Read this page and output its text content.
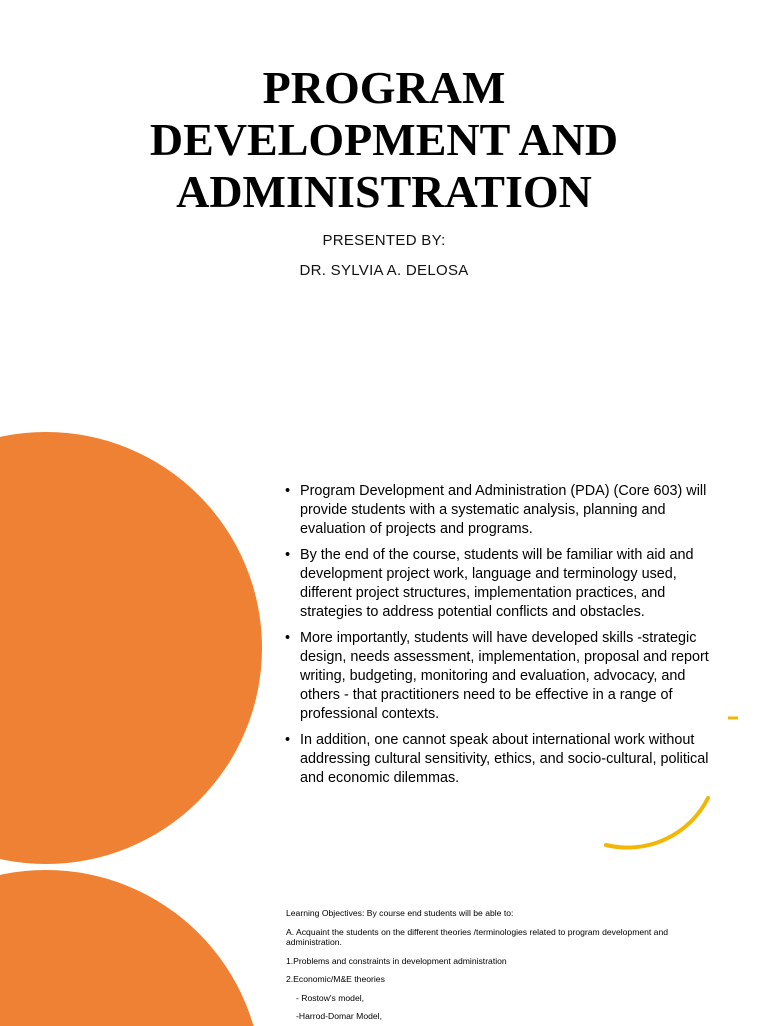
PROGRAM
DEVELOPMENT AND
ADMINISTRATION
PRESENTED BY:
DR. SYLVIA A. DELOSA
• Program Development and Administration (PDA) (Core 603) will provide students with a systematic analysis, planning and evaluation of projects and programs.
• By the end of the course, students will be familiar with aid and development project work, language and terminology used, different project structures, implementation practices, and strategies to address potential conflicts and obstacles.
• More importantly, students will have developed skills -strategic design, needs assessment, implementation, proposal and report writing, budgeting, monitoring and evaluation, advocacy, and others - that practitioners need to be effective in a range of professional contexts.
• In addition, one cannot speak about international work without addressing cultural sensitivity, ethics, and socio-cultural, political and economic dilemmas.

Learning Objectives: By course end students will be able to:

A. Acquaint the students on the different theories /terminologies related to program development and administration.

1.Problems and constraints in development administration

2.Economic/M&E theories

- Rostow's model,

-Harrod-Domar Model,
